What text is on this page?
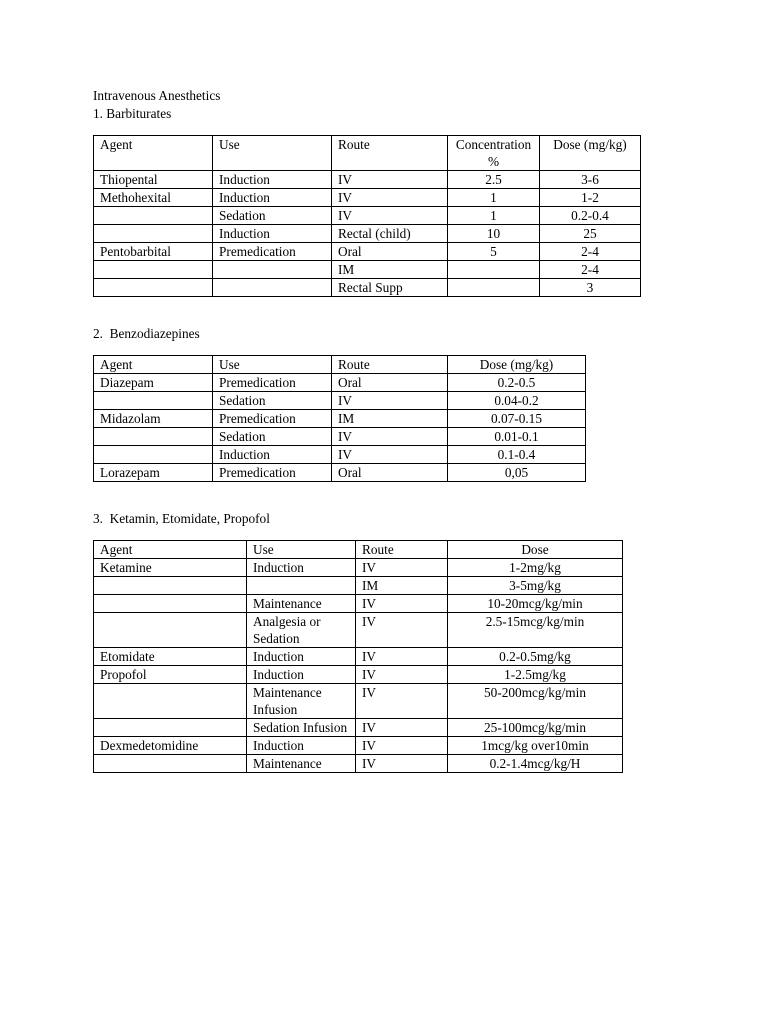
Intravenous Anesthetics
1. Barbiturates
Agent	Use	Route	Concentration %	Dose (mg/kg)
Thiopental	Induction	IV	2.5	3-6
Methohexital	Induction	IV	1	1-2
	Sedation	IV	1	0.2-0.4
	Induction	Rectal (child)	10	25
Pentobarbital	Premedication	Oral	5	2-4
		IM		2-4
		Rectal Supp		3
2.  Benzodiazepines
Agent	Use	Route	Dose (mg/kg)
Diazepam	Premedication	Oral	0.2-0.5
	Sedation	IV	0.04-0.2
Midazolam	Premedication	IM	0.07-0.15
	Sedation	IV	0.01-0.1
	Induction	IV	0.1-0.4
Lorazepam	Premedication	Oral	0,05
3.  Ketamin, Etomidate, Propofol
Agent	Use	Route	Dose
Ketamine	Induction	IV	1-2mg/kg
		IM	3-5mg/kg
	Maintenance	IV	10-20mcg/kg/min
	Analgesia or Sedation	IV	2.5-15mcg/kg/min
Etomidate	Induction	IV	0.2-0.5mg/kg
Propofol	Induction	IV	1-2.5mg/kg
	Maintenance Infusion	IV	50-200mcg/kg/min
	Sedation Infusion	IV	25-100mcg/kg/min
Dexmedetomidine	Induction	IV	1mcg/kg over10min
	Maintenance	IV	0.2-1.4mcg/kg/H
